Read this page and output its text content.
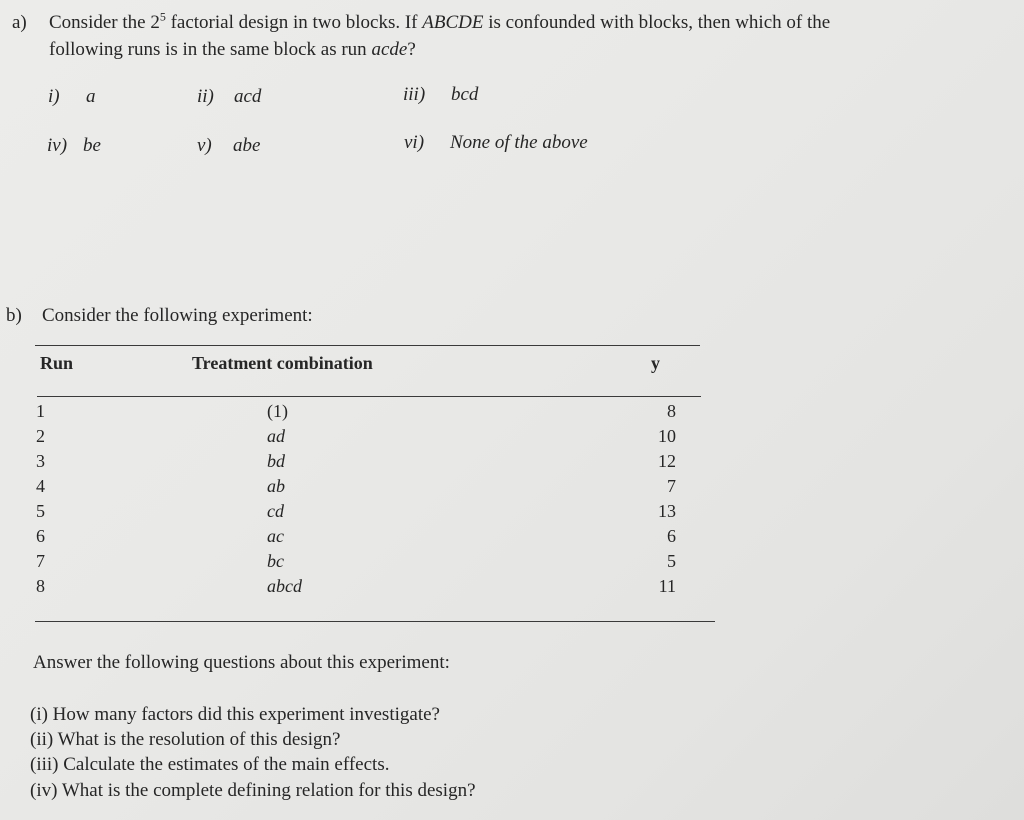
a) Consider the $2^5$ factorial design in two blocks. If ABCDE is confounded with blocks, then which of the
following runs is in the same block as run acde?
i) a	ii) acd	iii) bcd
iv) be	v) abe	vi) None of the above
b) Consider the following experiment:
Run	Treatment combination	y
1	(1)	8
2	ad	10
3	bd	12
4	ab	7
5	cd	13
6	ac	6
7	bc	5
8	abcd	11
Answer the following questions about this experiment:
(i) How many factors did this experiment investigate?
(ii) What is the resolution of this design?
(iii) Calculate the estimates of the main effects.
(iv) What is the complete defining relation for this design?
